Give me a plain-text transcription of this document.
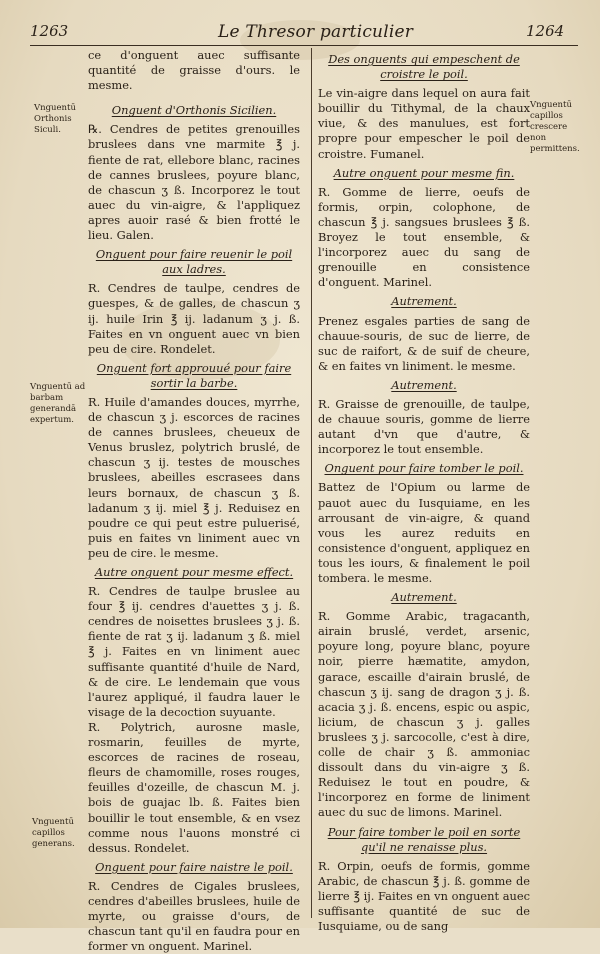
1263	Le Thresor particulier	1264
Vnguentū Orthonis Siculi.
Vnguentū ad barbam generandā expertum.
Vnguentū capillos generans.
Vnguentū capillos crescere non permittens.

ce d'onguent auec suffisante quantité de graisse d'ours. le mesme.

Onguent d'Orthonis Sicilien.

℞. Cendres de petites grenouilles bruslees dans vne marmite ℥ j. fiente de rat, ellebore blanc, racines de cannes bruslees, poyure blanc, de chascun ʒ ß. Incorporez le tout auec du vin-aigre, & l'appliquez apres auoir rasé & bien frotté le lieu. Galen.

Onguent pour faire reuenir le poil aux ladres.

R. Cendres de taulpe, cendres de guespes, & de galles, de chascun ʒ ij. huile Irin ℥ ij. ladanum ʒ j. ß. Faites en vn onguent auec vn bien peu de cire. Rondelet.

Onguent fort approuué pour faire sortir la barbe.

R. Huile d'amandes douces, myrrhe, de chascun ʒ j. escorces de racines de cannes bruslees, cheueux de Venus bruslez, polytrich bruslé, de chascun ʒ ij. testes de mousches bruslees, abeilles escrasees dans leurs bornaux, de chascun ʒ ß. ladanum ʒ ij. miel ℥ j. Reduisez en poudre ce qui peut estre puluerisé, puis en faites vn liniment auec vn peu de cire. le mesme.

Autre onguent pour mesme effect.

R. Cendres de taulpe bruslee au four ℥ ij. cendres d'auettes ʒ j. ß. cendres de noisettes bruslees ʒ j. ß. fiente de rat ʒ ij. ladanum ʒ ß. miel ℥ j. Faites en vn liniment auec suffisante quantité d'huile de Nard, & de cire. Le lendemain que vous l'aurez appliqué, il faudra lauer le visage de la decoction suyuante.

R. Polytrich, aurosne masle, rosmarin, feuilles de myrte, escorces de racines de roseau, fleurs de chamomille, roses rouges, feuilles d'ozeille, de chascun M. j. bois de guajac lb. ß. Faites bien bouillir le tout ensemble, & en vsez comme nous l'auons monstré ci dessus. Rondelet.

Onguent pour faire naistre le poil.

R. Cendres de Cigales bruslees, cendres d'abeilles bruslees, huile de myrte, ou graisse d'ours, de chascun tant qu'il en faudra pour en former vn onguent. Marinel.

Des onguents qui empeschent de croistre le poil.

Le vin-aigre dans lequel on aura fait bouillir du Tithymal, de la chaux viue, & des manulues, est fort propre pour empescher le poil de croistre. Fumanel.

Autre onguent pour mesme fin.

R. Gomme de lierre, oeufs de formis, orpin, colophone, de chascun ℥ j. sangsues bruslees ℥ ß. Broyez le tout ensemble, & l'incorporez auec du sang de grenouille en consistence d'onguent. Marinel.

Autrement.

Prenez esgales parties de sang de chauue-souris, de suc de lierre, de suc de raifort, & de suif de cheure, & en faites vn liniment. le mesme.

Autrement.

R. Graisse de grenouille, de taulpe, de chauue souris, gomme de lierre autant d'vn que d'autre, & incorporez le tout ensemble.

Onguent pour faire tomber le poil.

Battez de l'Opium ou larme de pauot auec du Iusquiame, en les arrousant de vin-aigre, & quand vous les aurez reduits en consistence d'onguent, appliquez en tous les iours, & finalement le poil tombera. le mesme.

Autrement.

R. Gomme Arabic, tragacanth, airain bruslé, verdet, arsenic, poyure long, poyure blanc, poyure noir, pierre hæmatite, amydon, garace, escaille d'airain bruslé, de chascun ʒ ij. sang de dragon ʒ j. ß. acacia ʒ j. ß. encens, espic ou aspic, licium, de chascun ʒ j. galles bruslees ʒ j. sarcocolle, c'est à dire, colle de chair ʒ ß. ammoniac dissoult dans du vin-aigre ʒ ß. Reduisez le tout en poudre, & l'incorporez en forme de liniment auec du suc de limons. Marinel.

Pour faire tomber le poil en sorte qu'il ne renaisse plus.

R. Orpin, oeufs de formis, gomme Arabic, de chascun ℥ j. ß. gomme de lierre ℥ ij. Faites en vn onguent auec suffisante quantité de suc de Iusquiame, ou de sang
